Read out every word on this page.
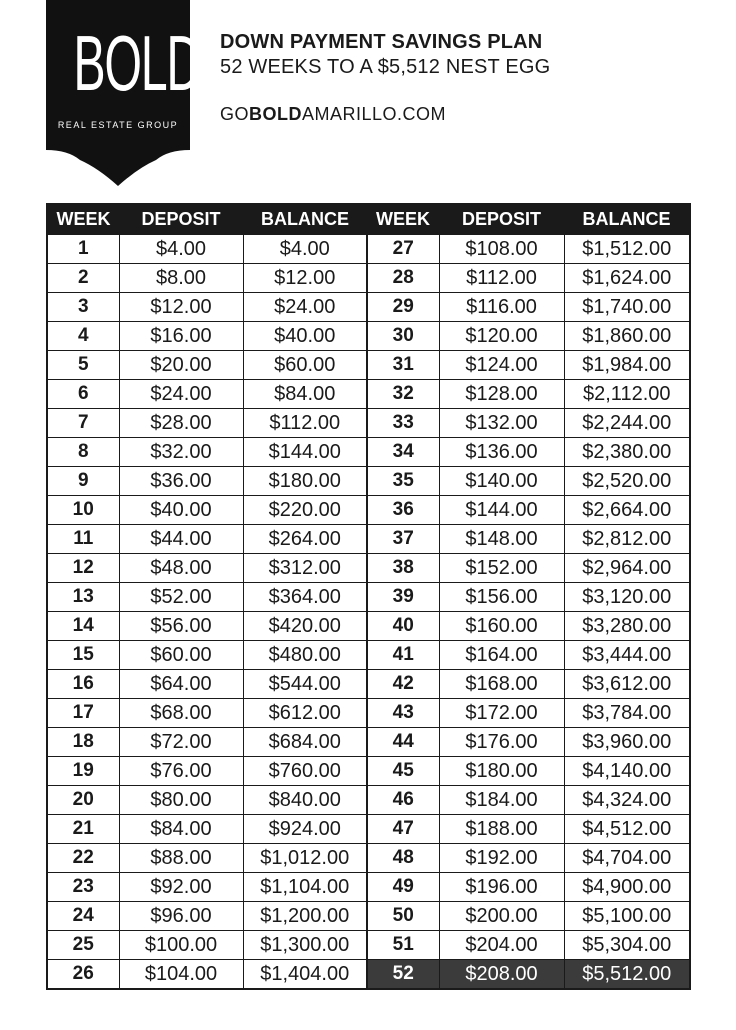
BOLD
REAL ESTATE GROUP
DOWN PAYMENT SAVINGS PLAN
52 WEEKS TO A $5,512 NEST EGG
GOBOLDAMARILLO.COM
WEEK	DEPOSIT	BALANCE	WEEK	DEPOSIT	BALANCE
1	$4.00	$4.00	27	$108.00	$1,512.00
2	$8.00	$12.00	28	$112.00	$1,624.00
3	$12.00	$24.00	29	$116.00	$1,740.00
4	$16.00	$40.00	30	$120.00	$1,860.00
5	$20.00	$60.00	31	$124.00	$1,984.00
6	$24.00	$84.00	32	$128.00	$2,112.00
7	$28.00	$112.00	33	$132.00	$2,244.00
8	$32.00	$144.00	34	$136.00	$2,380.00
9	$36.00	$180.00	35	$140.00	$2,520.00
10	$40.00	$220.00	36	$144.00	$2,664.00
11	$44.00	$264.00	37	$148.00	$2,812.00
12	$48.00	$312.00	38	$152.00	$2,964.00
13	$52.00	$364.00	39	$156.00	$3,120.00
14	$56.00	$420.00	40	$160.00	$3,280.00
15	$60.00	$480.00	41	$164.00	$3,444.00
16	$64.00	$544.00	42	$168.00	$3,612.00
17	$68.00	$612.00	43	$172.00	$3,784.00
18	$72.00	$684.00	44	$176.00	$3,960.00
19	$76.00	$760.00	45	$180.00	$4,140.00
20	$80.00	$840.00	46	$184.00	$4,324.00
21	$84.00	$924.00	47	$188.00	$4,512.00
22	$88.00	$1,012.00	48	$192.00	$4,704.00
23	$92.00	$1,104.00	49	$196.00	$4,900.00
24	$96.00	$1,200.00	50	$200.00	$5,100.00
25	$100.00	$1,300.00	51	$204.00	$5,304.00
26	$104.00	$1,404.00	52	$208.00	$5,512.00
